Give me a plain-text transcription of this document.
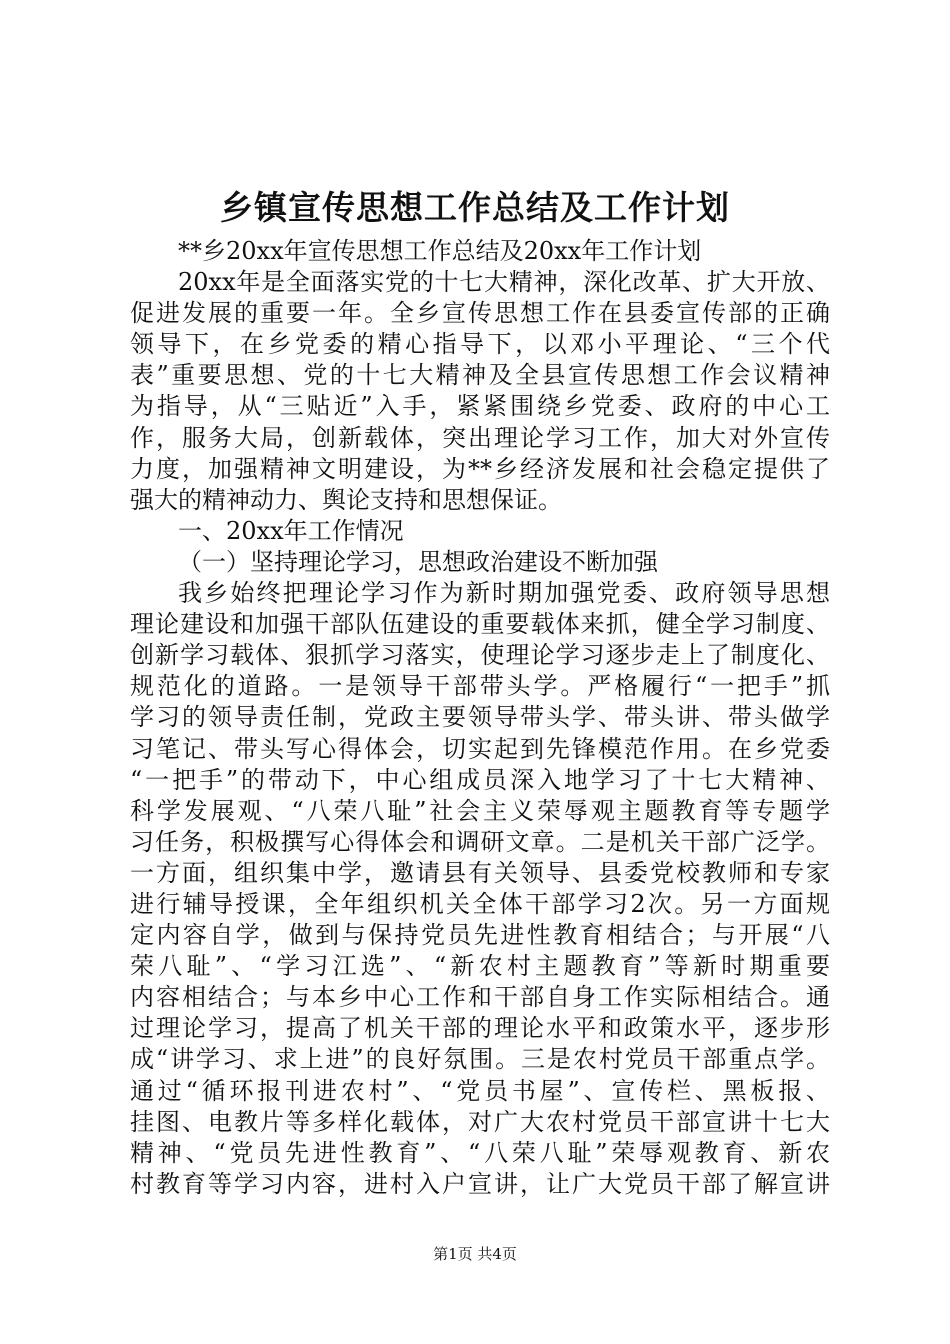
乡镇宣传思想工作总结及工作计划
**乡20xx年宣传思想工作总结及20xx年工作计划
20xx年是全面落实党的十七大精神，深化改革、扩大开放、
促进发展的重要一年。全乡宣传思想工作在县委宣传部的正确
领导下，在乡党委的精心指导下，以邓小平理论、“三个代
表”重要思想、党的十七大精神及全县宣传思想工作会议精神
为指导，从“三贴近”入手，紧紧围绕乡党委、政府的中心工
作，服务大局，创新载体，突出理论学习工作，加大对外宣传
力度，加强精神文明建设，为**乡经济发展和社会稳定提供了
强大的精神动力、舆论支持和思想保证。
一、20xx年工作情况
（一）坚持理论学习，思想政治建设不断加强
我乡始终把理论学习作为新时期加强党委、政府领导思想
理论建设和加强干部队伍建设的重要载体来抓，健全学习制度、
创新学习载体、狠抓学习落实，使理论学习逐步走上了制度化、
规范化的道路。一是领导干部带头学。严格履行“一把手”抓
学习的领导责任制，党政主要领导带头学、带头讲、带头做学
习笔记、带头写心得体会，切实起到先锋模范作用。在乡党委
“一把手”的带动下，中心组成员深入地学习了十七大精神、
科学发展观、“八荣八耻”社会主义荣辱观主题教育等专题学
习任务，积极撰写心得体会和调研文章。二是机关干部广泛学。
一方面，组织集中学，邀请县有关领导、县委党校教师和专家
进行辅导授课，全年组织机关全体干部学习2次。另一方面规
定内容自学，做到与保持党员先进性教育相结合；与开展“八
荣八耻”、“学习江选”、“新农村主题教育”等新时期重要
内容相结合；与本乡中心工作和干部自身工作实际相结合。通
过理论学习，提高了机关干部的理论水平和政策水平，逐步形
成“讲学习、求上进”的良好氛围。三是农村党员干部重点学。
通过“循环报刊进农村”、“党员书屋”、宣传栏、黑板报、
挂图、电教片等多样化载体，对广大农村党员干部宣讲十七大
精神、“党员先进性教育”、“八荣八耻”荣辱观教育、新农
村教育等学习内容，进村入户宣讲，让广大党员干部了解宣讲
第1页 共4页
